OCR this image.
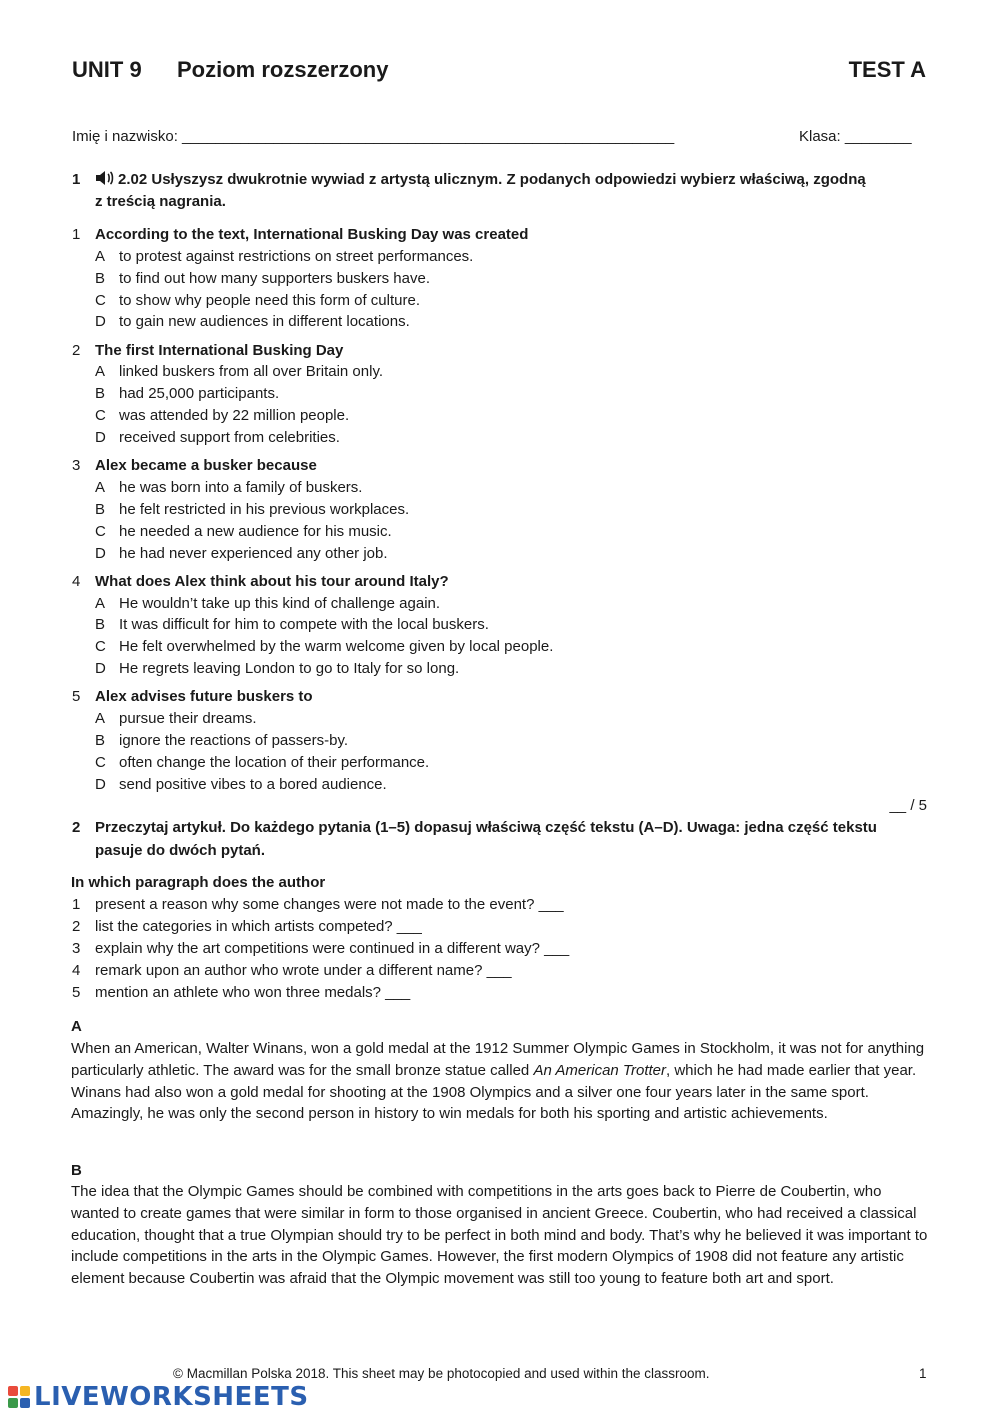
UNIT 9 Poziom rozszerzony	TEST A
Imię i nazwisko: ___________________________________________________________	Klasa: ________
1	2.02 Usłyszysz dwukrotnie wywiad z artystą ulicznym. Z podanych odpowiedzi wybierz właściwą, zgodną
z treścią nagrania.
1 According to the text, International Busking Day was created
A to protest against restrictions on street performances.
B to find out how many supporters buskers have.
C to show why people need this form of culture.
D to gain new audiences in different locations.
2 The first International Busking Day
A linked buskers from all over Britain only.
B had 25,000 participants.
C was attended by 22 million people.
D received support from celebrities.
3 Alex became a busker because
A he was born into a family of buskers.
B he felt restricted in his previous workplaces.
C he needed a new audience for his music.
D he had never experienced any other job.
4 What does Alex think about his tour around Italy?
A He wouldn’t take up this kind of challenge again.
B It was difficult for him to compete with the local buskers.
C He felt overwhelmed by the warm welcome given by local people.
D He regrets leaving London to go to Italy for so long.
5 Alex advises future buskers to
A pursue their dreams.
B ignore the reactions of passers-by.
C often change the location of their performance.
D send positive vibes to a bored audience.
__ / 5
2 Przeczytaj artykuł. Do każdego pytania (1–5) dopasuj właściwą część tekstu (A–D). Uwaga: jedna część tekstu
pasuje do dwóch pytań.
In which paragraph does the author
1 present a reason why some changes were not made to the event? ___
2 list the categories in which artists competed? ___
3 explain why the art competitions were continued in a different way? ___
4 remark upon an author who wrote under a different name? ___
5 mention an athlete who won three medals? ___
A
When an American, Walter Winans, won a gold medal at the 1912 Summer Olympic Games in Stockholm, it was not for anything particularly athletic. The award was for the small bronze statue called An American Trotter, which he had made earlier that year. Winans had also won a gold medal for shooting at the 1908 Olympics and a silver one four years later in the same sport. Amazingly, he was only the second person in history to win medals for both his sporting and artistic achievements.
B
The idea that the Olympic Games should be combined with competitions in the arts goes back to Pierre de Coubertin, who wanted to create games that were similar in form to those organised in ancient Greece. Coubertin, who had received a classical education, thought that a true Olympian should try to be perfect in both mind and body. That’s why he believed it was important to include competitions in the arts in the Olympic Games. However, the first modern Olympics of 1908 did not feature any artistic element because Coubertin was afraid that the Olympic movement was still too young to feature both art and sport.
© Macmillan Polska 2018. This sheet may be photocopied and used within the classroom.	1
LIVEWORKSHEETS
